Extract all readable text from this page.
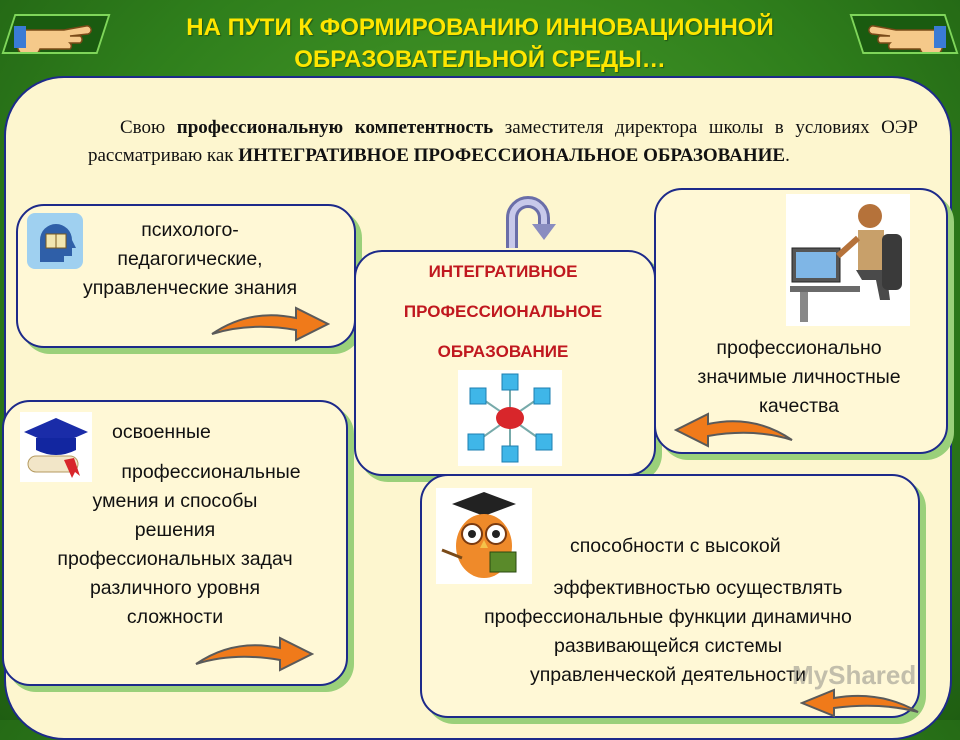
НА ПУТИ К ФОРМИРОВАНИЮ ИННОВАЦИОННОЙ
ОБРАЗОВАТЕЛЬНОЙ СРЕДЫ…
Свою профессиональную компетентность заместителя директора школы в условиях ОЭР рассматриваю как ИНТЕГРАТИВНОЕ ПРОФЕССИОНАЛЬНОЕ ОБРАЗОВАНИЕ.
психолого-
педагогические,
управленческие знания
ИНТЕГРАТИВНОЕ
ПРОФЕССИОНАЛЬНОЕ
ОБРАЗОВАНИЕ	профессионально
значимые личностные
качества
освоенные
профессиональные
умения и способы
решения
профессиональных задач
различного уровня
сложности
способности с высокой
эффективностью осуществлять
профессиональные функции динамично
развивающейся системы
управленческой деятельности
MyShared
